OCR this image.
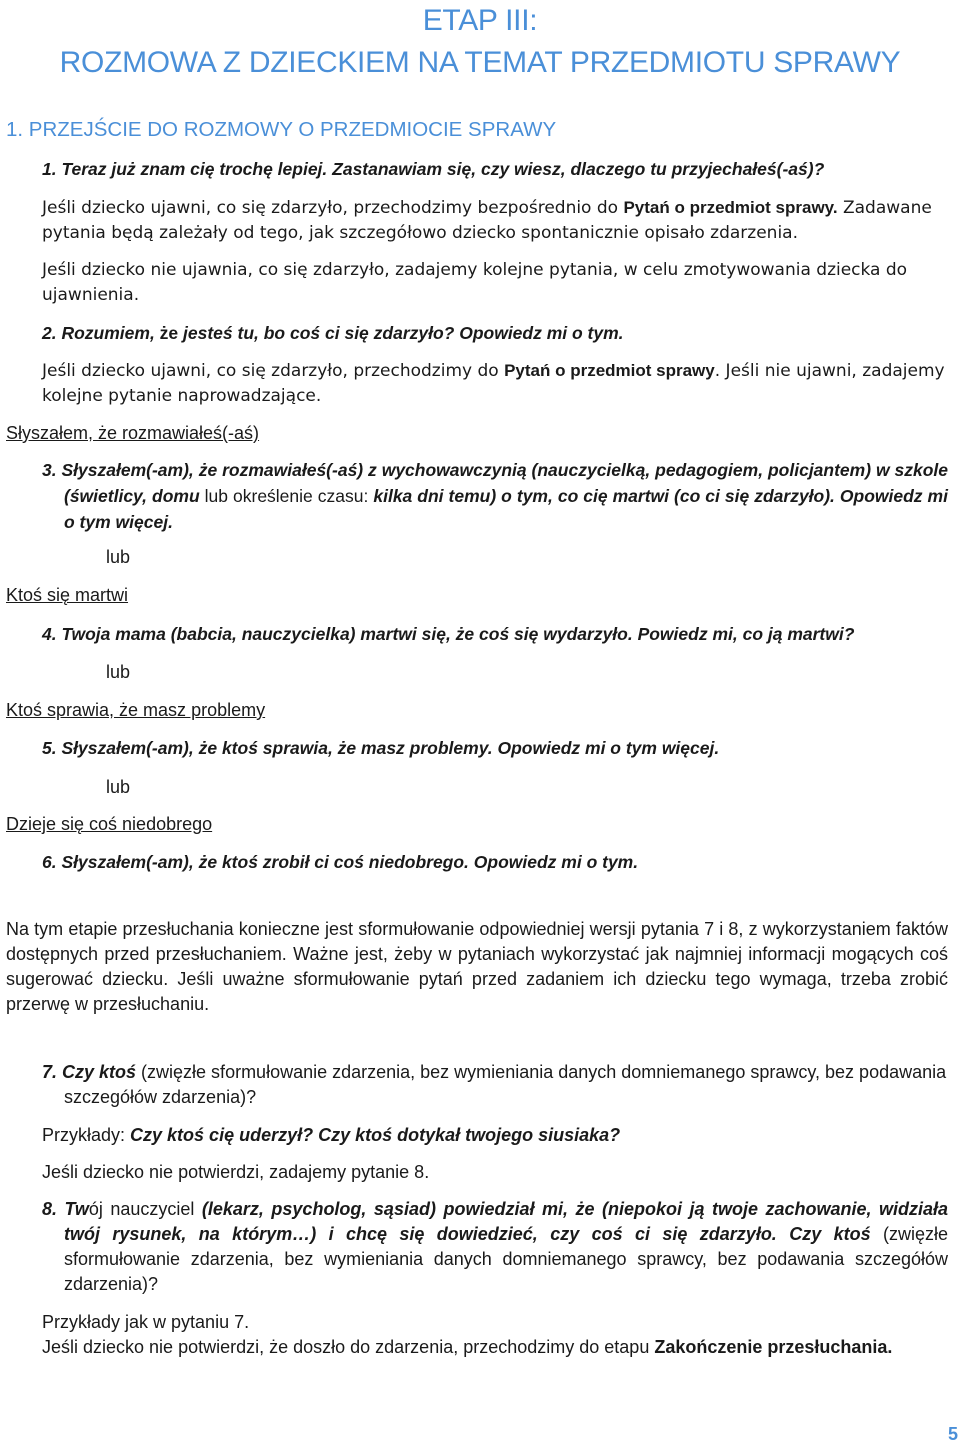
ETAP III:
ROZMOWA Z DZIECKIEM NA TEMAT PRZEDMIOTU SPRAWY
1. PRZEJŚCIE DO ROZMOWY O PRZEDMIOCIE SPRAWY
1. Teraz już znam cię trochę lepiej. Zastanawiam się, czy wiesz, dlaczego tu przyjechałeś(-aś)?
Jeśli dziecko ujawni, co się zdarzyło, przechodzimy bezpośrednio do Pytań o przedmiot sprawy. Zadawane pytania będą zależały od tego, jak szczegółowo dziecko spontanicznie opisało zdarzenia.
Jeśli dziecko nie ujawnia, co się zdarzyło, zadajemy kolejne pytania, w celu zmotywowania dziecka do ujawnienia.
2. Rozumiem, że jesteś tu, bo coś ci się zdarzyło? Opowiedz mi o tym.
Jeśli dziecko ujawni, co się zdarzyło, przechodzimy do Pytań o przedmiot sprawy. Jeśli nie ujawni, zadajemy kolejne pytanie naprowadzające.
Słyszałem, że rozmawiałeś(-aś)
3. Słyszałem(-am), że rozmawiałeś(-aś) z wychowawczynią (nauczycielką, pedagogiem, policjantem) w szkole (świetlicy, domu lub określenie czasu: kilka dni temu) o tym, co cię martwi (co ci się zdarzyło). Opowiedz mi o tym więcej.
lub
Ktoś się martwi
4. Twoja mama (babcia, nauczycielka) martwi się, że coś się wydarzyło. Powiedz mi, co ją martwi?
lub
Ktoś sprawia, że masz problemy
5. Słyszałem(-am), że ktoś sprawia, że masz problemy. Opowiedz mi o tym więcej.
lub
Dzieje się coś niedobrego
6. Słyszałem(-am), że ktoś zrobił ci coś niedobrego. Opowiedz mi o tym.
Na tym etapie przesłuchania konieczne jest sformułowanie odpowiedniej wersji pytania 7 i 8, z wykorzystaniem faktów dostępnych przed przesłuchaniem. Ważne jest, żeby w pytaniach wykorzystać jak najmniej informacji mogących coś sugerować dziecku. Jeśli uważne sformułowanie pytań przed zadaniem ich dziecku tego wymaga, trzeba zrobić przerwę w przesłuchaniu.
7. Czy ktoś (zwięzłe sformułowanie zdarzenia, bez wymieniania danych domniemanego sprawcy, bez podawania szczegółów zdarzenia)?
Przykłady: Czy ktoś cię uderzył? Czy ktoś dotykał twojego siusiaka?
Jeśli dziecko nie potwierdzi, zadajemy pytanie 8.
8. Twój nauczyciel (lekarz, psycholog, sąsiad) powiedział mi, że (niepokoi ją twoje zachowanie, widziała twój rysunek, na którym…) i chcę się dowiedzieć, czy coś ci się zdarzyło. Czy ktoś (zwięzłe sformułowanie zdarzenia, bez wymieniania danych domniemanego sprawcy, bez podawania szczegółów zdarzenia)?
Przykłady jak w pytaniu 7.
Jeśli dziecko nie potwierdzi, że doszło do zdarzenia, przechodzimy do etapu Zakończenie przesłuchania.
5
